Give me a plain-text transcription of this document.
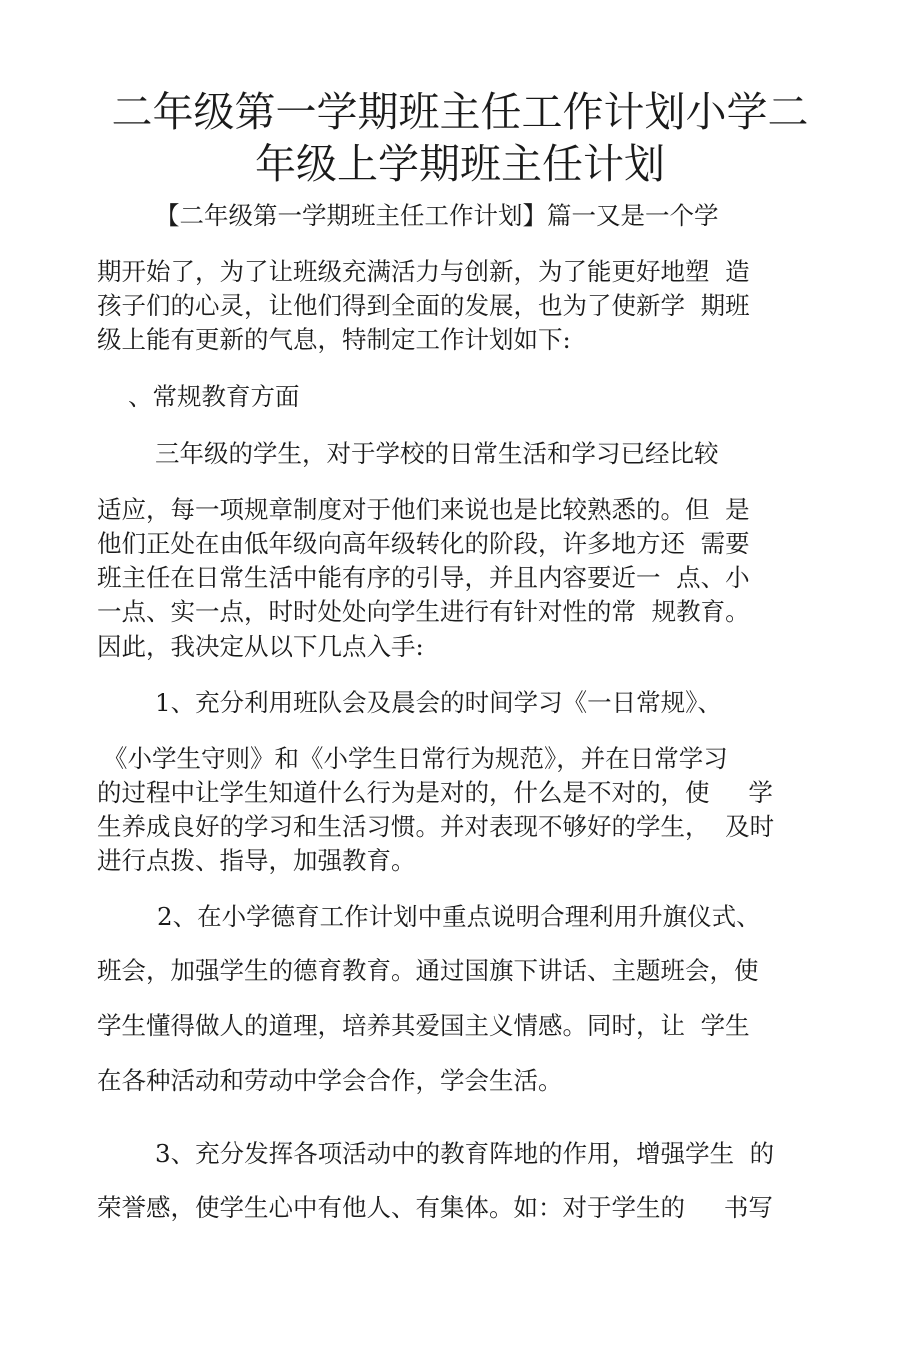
二年级第一学期班主任工作计划小学二
年级上学期班主任计划

【二年级第一学期班主任工作计划】篇一又是一个学

期开始了，为了让班级充满活力与创新，为了能更好地塑  造

孩子们的心灵，让他们得到全面的发展，也为了使新学  期班

级上能有更新的气息，特制定工作计划如下:

、常规教育方面

三年级的学生，对于学校的日常生活和学习已经比较

适应，每一项规章制度对于他们来说也是比较熟悉的。但  是

他们正处在由低年级向高年级转化的阶段，许多地方还  需要

班主任在日常生活中能有序的引导，并且内容要近一  点、小

一点、实一点，时时处处向学生进行有针对性的常  规教育。

因此，我决定从以下几点入手:

1、充分利用班队会及晨会的时间学习《一日常规》、

《小学生守则》和《小学生日常行为规范》，并在日常学习

的过程中让学生知道什么行为是对的，什么是不对的，使     学

生养成良好的学习和生活习惯。并对表现不够好的学生，  及时

进行点拨、指导，加强教育。

2、在小学德育工作计划中重点说明合理利用升旗仪式、

班会，加强学生的德育教育。通过国旗下讲话、主题班会，使

学生懂得做人的道理，培养其爱国主义情感。同时，让  学生

在各种活动和劳动中学会合作，学会生活。

3、充分发挥各项活动中的教育阵地的作用，增强学生  的

荣誉感，使学生心中有他人、有集体。如：对于学生的     书写
